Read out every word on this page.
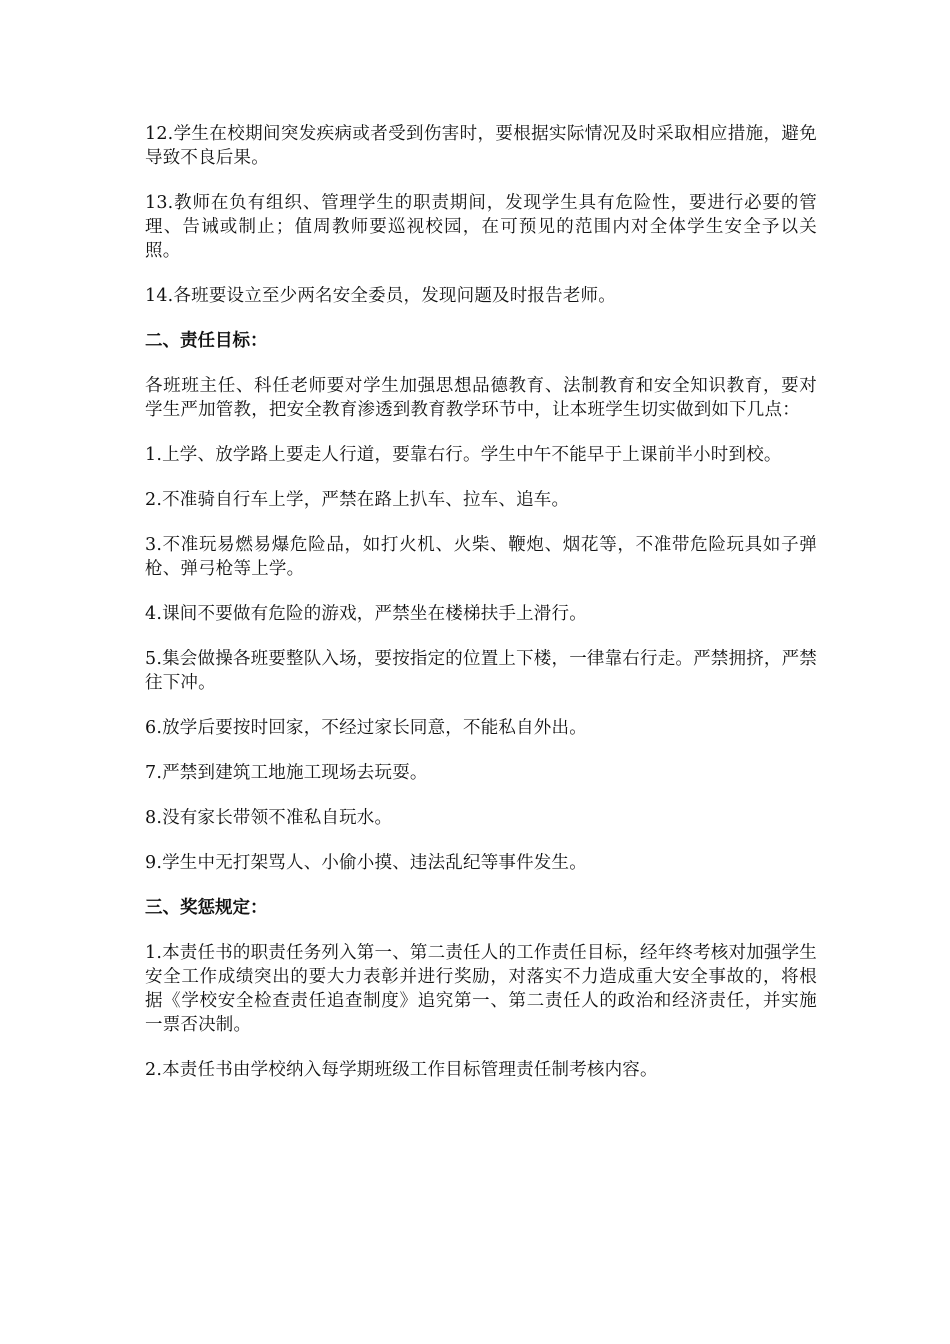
12.学生在校期间突发疾病或者受到伤害时，要根据实际情况及时采取相应措施，避免导致不良后果。

13.教师在负有组织、管理学生的职责期间，发现学生具有危险性，要进行必要的管理、告诫或制止；值周教师要巡视校园，在可预见的范围内对全体学生安全予以关照。

14.各班要设立至少两名安全委员，发现问题及时报告老师。

二、责任目标：

各班班主任、科任老师要对学生加强思想品德教育、法制教育和安全知识教育，要对学生严加管教，把安全教育渗透到教育教学环节中，让本班学生切实做到如下几点：

1.上学、放学路上要走人行道，要靠右行。学生中午不能早于上课前半小时到校。

2.不准骑自行车上学，严禁在路上扒车、拉车、追车。

3.不准玩易燃易爆危险品，如打火机、火柴、鞭炮、烟花等，不准带危险玩具如子弹枪、弹弓枪等上学。

4.课间不要做有危险的游戏，严禁坐在楼梯扶手上滑行。

5.集会做操各班要整队入场，要按指定的位置上下楼，一律靠右行走。严禁拥挤，严禁往下冲。

6.放学后要按时回家，不经过家长同意，不能私自外出。

7.严禁到建筑工地施工现场去玩耍。

8.没有家长带领不准私自玩水。

9.学生中无打架骂人、小偷小摸、违法乱纪等事件发生。

三、奖惩规定：

1.本责任书的职责任务列入第一、第二责任人的工作责任目标，经年终考核对加强学生安全工作成绩突出的要大力表彰并进行奖励，对落实不力造成重大安全事故的，将根据《学校安全检查责任追查制度》追究第一、第二责任人的政治和经济责任，并实施一票否决制。

2.本责任书由学校纳入每学期班级工作目标管理责任制考核内容。
